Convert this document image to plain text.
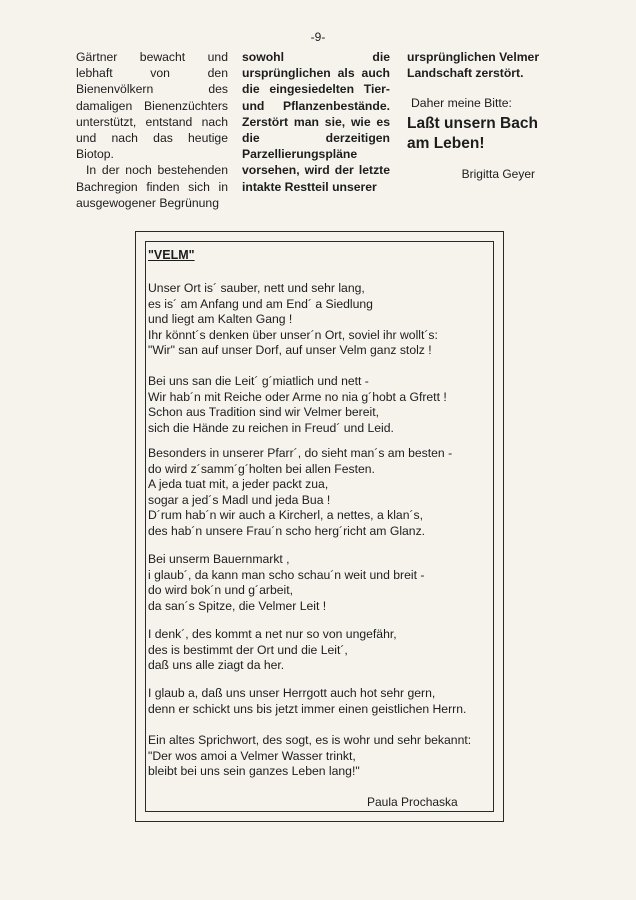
-9-

Gärtner bewacht und lebhaft von den Bienenvölkern des damaligen Bienenzüchters unterstützt, entstand nach und nach das heutige Biotop.

In der noch bestehenden Bachregion finden sich in ausgewogener Begrünung

sowohl die ursprünglichen als auch die eingesiedelten Tier- und Pflanzenbestände. Zerstört man sie, wie es die derzeitigen Parzellierungspläne vorsehen, wird der letzte intakte Restteil unserer

ursprünglichen Velmer Landschaft zerstört.

Daher meine Bitte:

Laßt unsern Bach am Leben!

Brigitta Geyer

"VELM"
Unser Ort is´ sauber, nett und sehr lang,
es is´ am Anfang und am End´ a Siedlung
und liegt am Kalten Gang !
Ihr könnt´s denken über unser´n Ort, soviel ihr wollt´s:
"Wir" san auf unser Dorf, auf unser Velm ganz stolz !
Bei uns san die Leit´ g´miatlich und nett -
Wir hab´n mit Reiche oder Arme no nia g´hobt a Gfrett !
Schon aus Tradition sind wir Velmer bereit,
sich die Hände zu reichen in Freud´ und Leid.
Besonders in unserer Pfarr´, do sieht man´s am besten -
do wird z´samm´g´holten bei allen Festen.
A jeda tuat mit, a jeder packt zua,
sogar a jed´s Madl und jeda Bua !
D´rum hab´n wir auch a Kircherl, a nettes, a klan´s,
des hab´n unsere Frau´n scho herg´richt am Glanz.
Bei unserm Bauernmarkt ,
i glaub´, da kann man scho schau´n weit und breit -
do wird bok´n und g´arbeit,
da san´s Spitze, die Velmer Leit !
I denk´, des kommt a net nur so von ungefähr,
des is bestimmt der Ort und die Leit´,
daß uns alle ziagt da her.
I glaub a, daß uns unser Herrgott auch hot sehr gern,
denn er schickt uns bis jetzt immer einen geistlichen Herrn.
Ein altes Sprichwort, des sogt, es is wohr und sehr bekannt:
"Der wos amoi a Velmer Wasser trinkt,
bleibt bei uns sein ganzes Leben lang!"
Paula Prochaska
